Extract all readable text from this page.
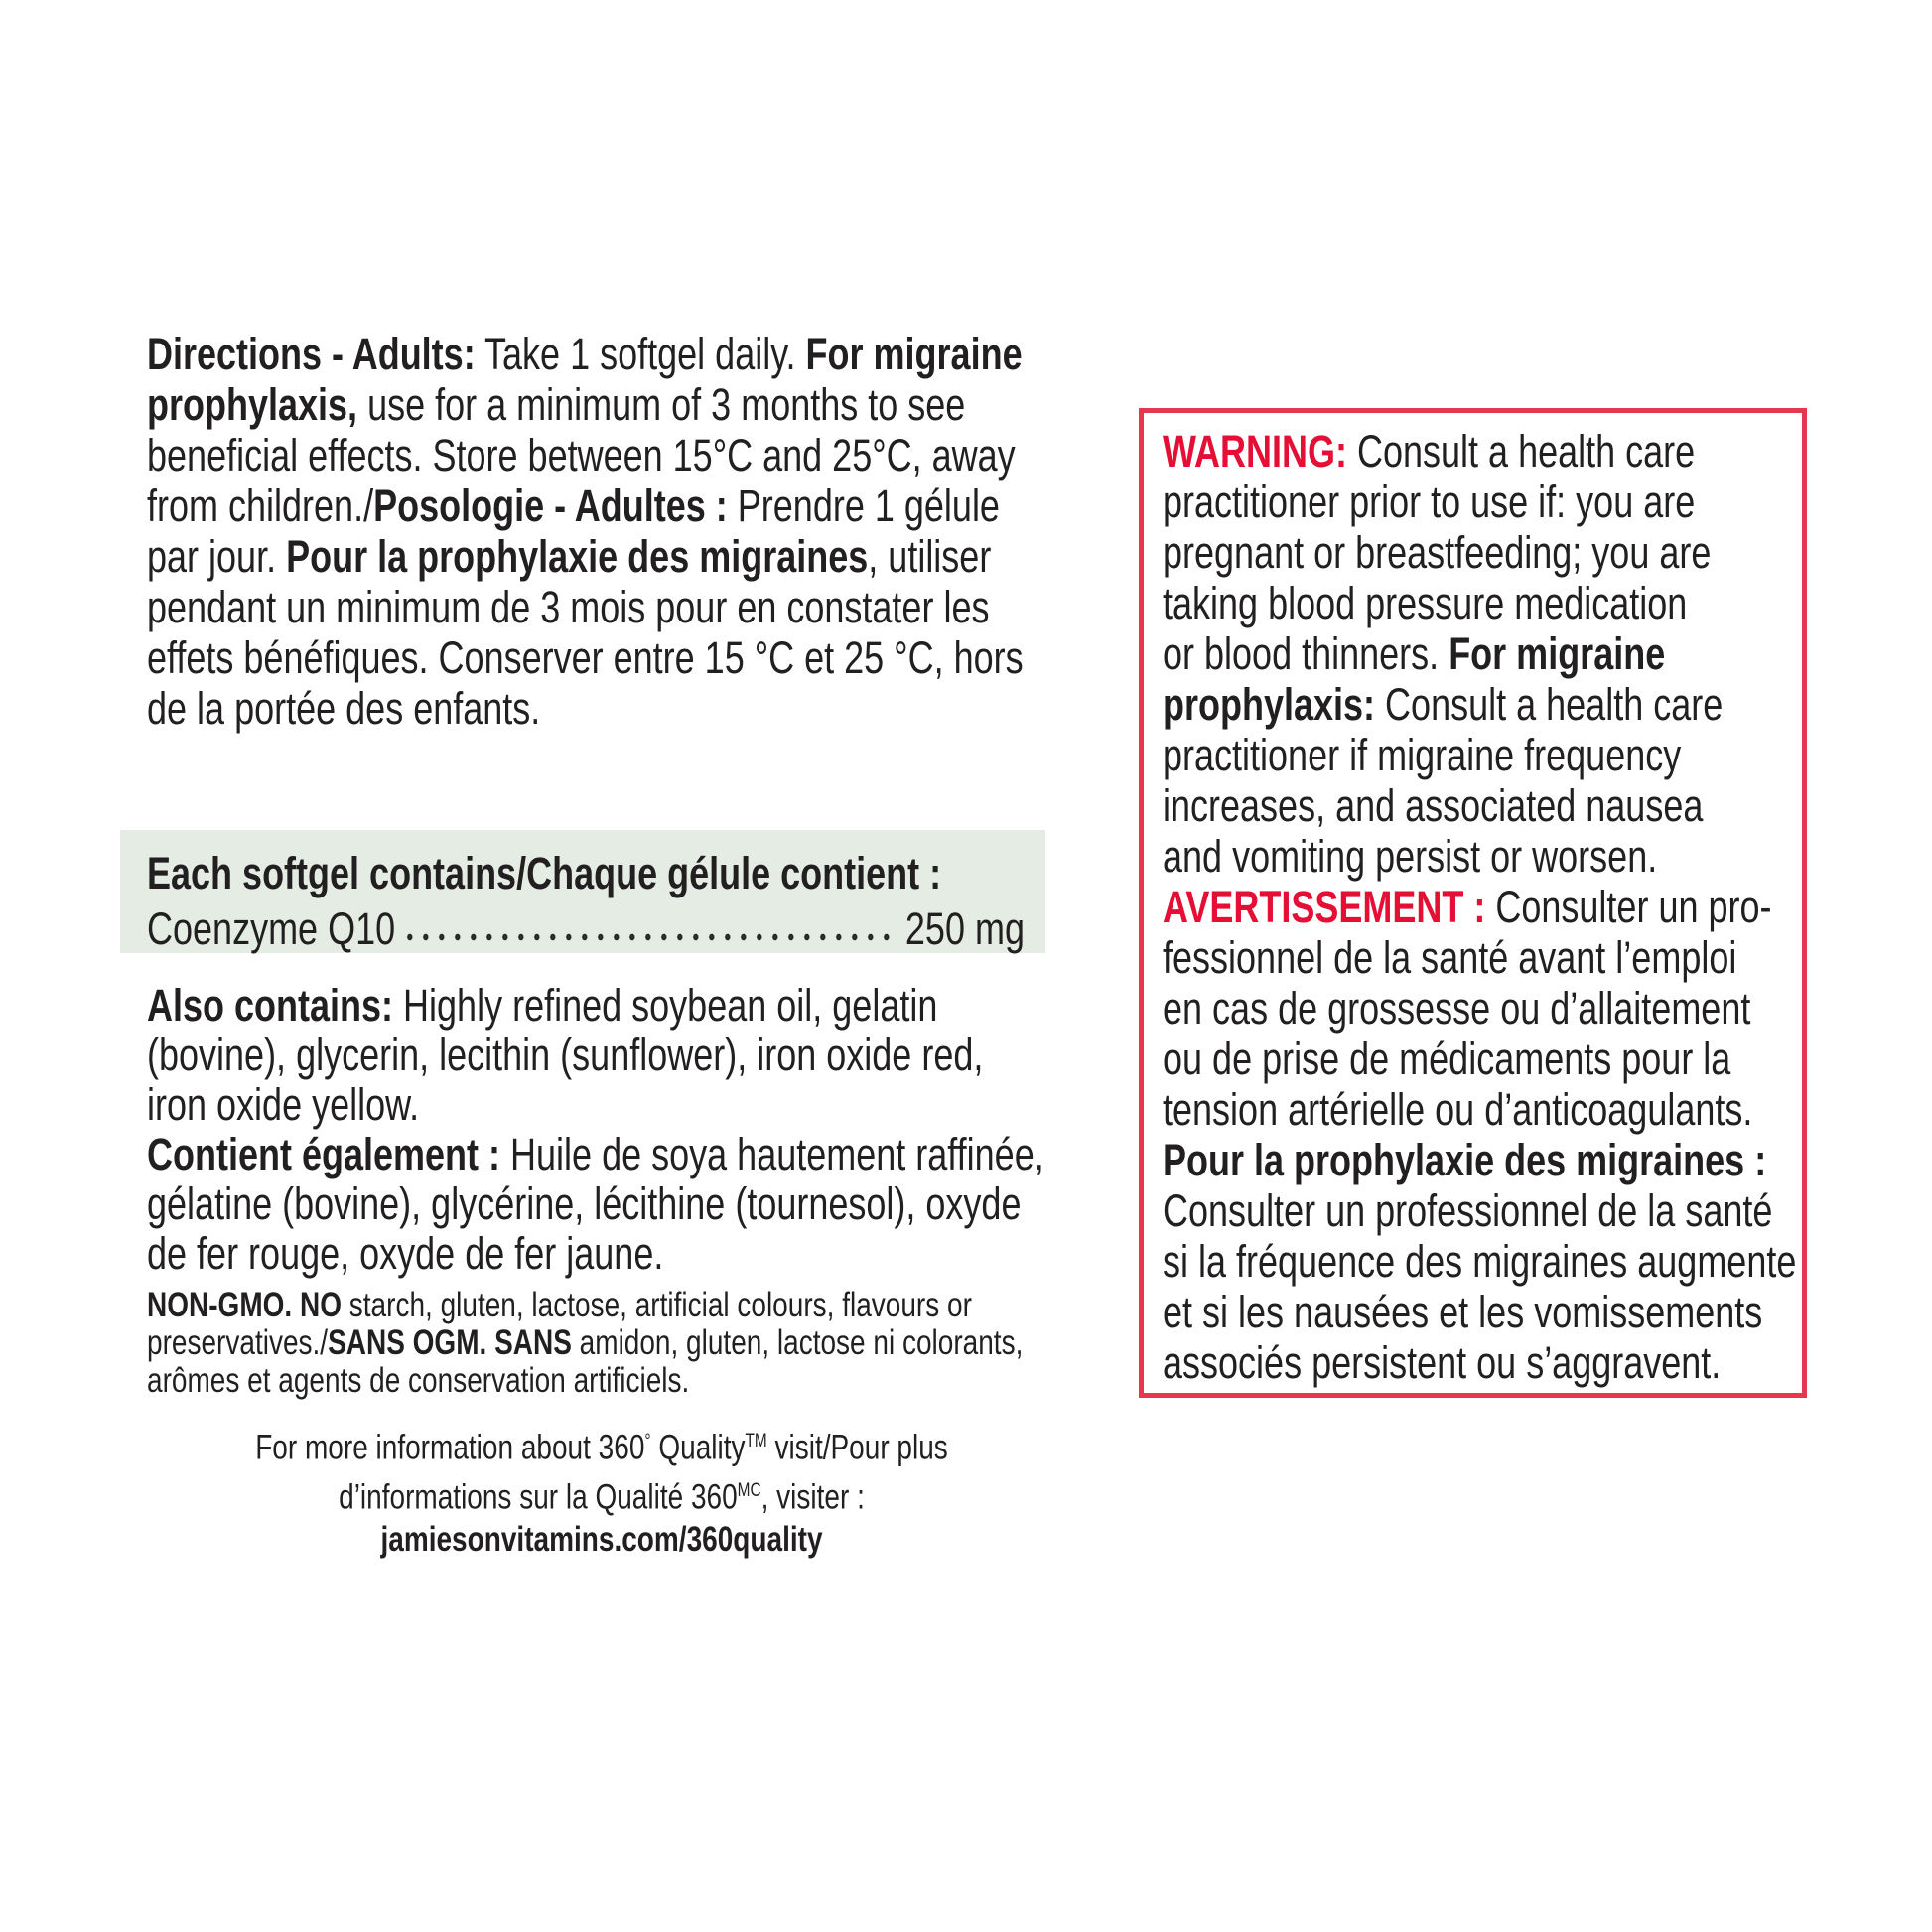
Directions - Adults: Take 1 softgel daily. For migraine
prophylaxis, use for a minimum of 3 months to see
beneficial effects. Store between 15°C and 25°C, away
from children./Posologie - Adultes : Prendre 1 gélule
par jour. Pour la prophylaxie des migraines, utiliser
pendant un minimum de 3 mois pour en constater les
effets bénéfiques. Conserver entre 15 °C et 25 °C, hors
de la portée des enfants.
Each softgel contains/Chaque gélule contient :
Coenzyme Q10	250 mg
Also contains: Highly refined soybean oil, gelatin
(bovine), glycerin, lecithin (sunflower), iron oxide red,
iron oxide yellow.
Contient également : Huile de soya hautement raffinée,
gélatine (bovine), glycérine, lécithine (tournesol), oxyde
de fer rouge, oxyde de fer jaune.
NON-GMO. NO starch, gluten, lactose, artificial colours, flavours or
preservatives./SANS OGM. SANS amidon, gluten, lactose ni colorants,
arômes et agents de conservation artificiels.
For more information about 360° Quality™ visit/Pour plus
d’informations sur la Qualité $360^{MC}$, visiter :
jamiesonvitamins.com/360quality
WARNING: Consult a health care
practitioner prior to use if: you are
pregnant or breastfeeding; you are
taking blood pressure medication
or blood thinners. For migraine
prophylaxis: Consult a health care
practitioner if migraine frequency
increases, and associated nausea
and vomiting persist or worsen.
AVERTISSEMENT : Consulter un pro-
fessionnel de la santé avant l’emploi
en cas de grossesse ou d’allaitement
ou de prise de médicaments pour la
tension artérielle ou d’anticoagulants.
Pour la prophylaxie des migraines :
Consulter un professionnel de la santé
si la fréquence des migraines augmente
et si les nausées et les vomissements
associés persistent ou s’aggravent.
